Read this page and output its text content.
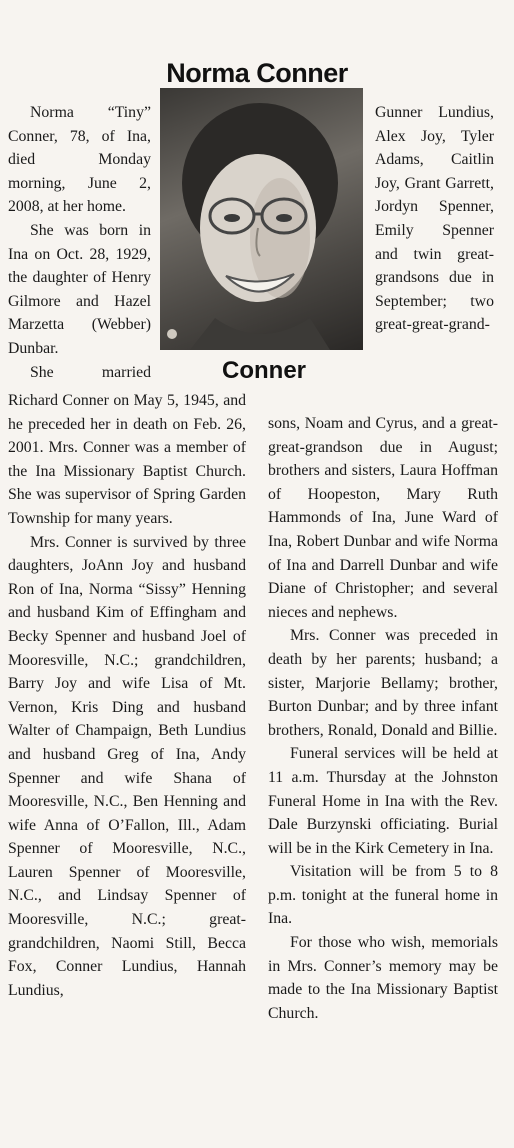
Norma Conner
Conner

Norma “Tiny” Conner, 78, of Ina, died Monday morning, June 2, 2008, at her home.

She was born in Ina on Oct. 28, 1929, the daughter of Henry Gilmore and Hazel Marzetta (Webber) Dunbar.

She married

Gunner Lundius, Alex Joy, Tyler Adams, Caitlin Joy, Grant Garrett, Jordyn Spenner, Emily Spenner and twin great-grandsons due in September; two great-great-grand-

Richard Conner on May 5, 1945, and he preceded her in death on Feb. 26, 2001. Mrs. Conner was a member of the Ina Missionary Baptist Church. She was supervisor of Spring Garden Township for many years.

Mrs. Conner is survived by three daughters, JoAnn Joy and husband Ron of Ina, Norma “Sissy” Henning and husband Kim of Effingham and Becky Spenner and husband Joel of Mooresville, N.C.; grandchildren, Barry Joy and wife Lisa of Mt. Vernon, Kris Ding and husband Walter of Champaign, Beth Lundius and husband Greg of Ina, Andy Spenner and wife Shana of Mooresville, N.C., Ben Henning and wife Anna of O’Fallon, Ill., Adam Spenner of Mooresville, N.C., Lauren Spenner of Mooresville, N.C., and Lindsay Spenner of Mooresville, N.C.; great-grandchildren, Naomi Still, Becca Fox, Conner Lundius, Hannah Lundius,

sons, Noam and Cyrus, and a great-great-grandson due in August; brothers and sisters, Laura Hoffman of Hoopeston, Mary Ruth Hammonds of Ina, June Ward of Ina, Robert Dunbar and wife Norma of Ina and Darrell Dunbar and wife Diane of Christopher; and several nieces and nephews.

Mrs. Conner was preceded in death by her parents; husband; a sister, Marjorie Bellamy; brother, Burton Dunbar; and by three infant brothers, Ronald, Donald and Billie.

Funeral services will be held at 11 a.m. Thursday at the Johnston Funeral Home in Ina with the Rev. Dale Burzynski officiating. Burial will be in the Kirk Cemetery in Ina.

Visitation will be from 5 to 8 p.m. tonight at the funeral home in Ina.

For those who wish, memorials in Mrs. Conner’s memory may be made to the Ina Missionary Baptist Church.
